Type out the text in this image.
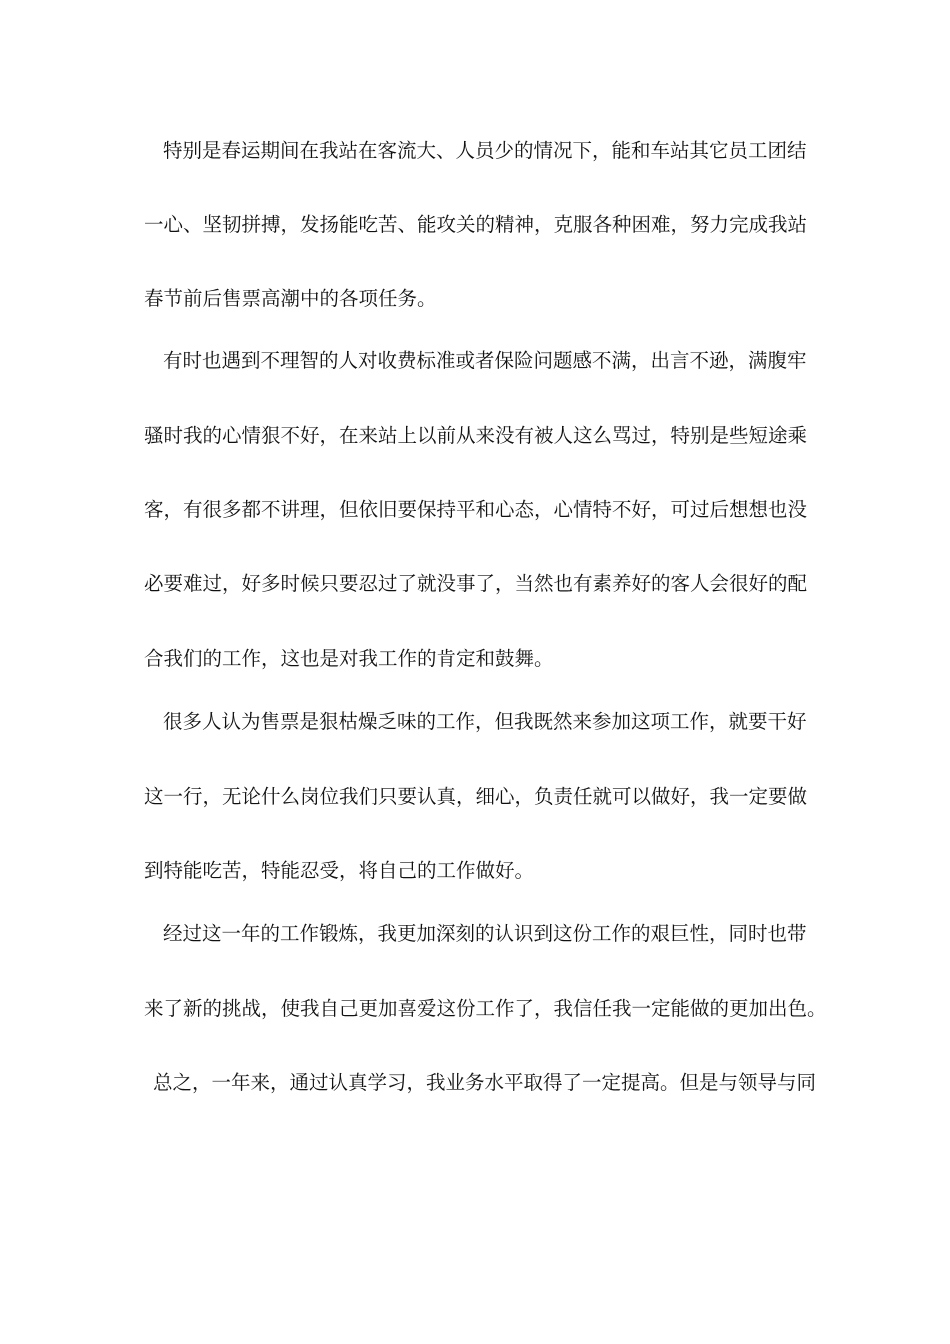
特别是春运期间在我站在客流大、人员少的情况下，能和车站其它员工团结
一心、坚韧拼搏，发扬能吃苦、能攻关的精神，克服各种困难，努力完成我站
春节前后售票高潮中的各项任务。
有时也遇到不理智的人对收费标准或者保险问题感不满，出言不逊，满腹牢
骚时我的心情狠不好，在来站上以前从来没有被人这么骂过，特别是些短途乘
客，有很多都不讲理，但依旧要保持平和心态，心情特不好，可过后想想也没
必要难过，好多时候只要忍过了就没事了，当然也有素养好的客人会很好的配
合我们的工作，这也是对我工作的肯定和鼓舞。
很多人认为售票是狠枯燥乏味的工作，但我既然来参加这项工作，就要干好
这一行，无论什么岗位我们只要认真，细心，负责任就可以做好，我一定要做
到特能吃苦，特能忍受，将自己的工作做好。
经过这一年的工作锻炼，我更加深刻的认识到这份工作的艰巨性，同时也带
来了新的挑战，使我自己更加喜爱这份工作了，我信任我一定能做的更加出色。
总之，一年来，通过认真学习，我业务水平取得了一定提高。但是与领导与同
